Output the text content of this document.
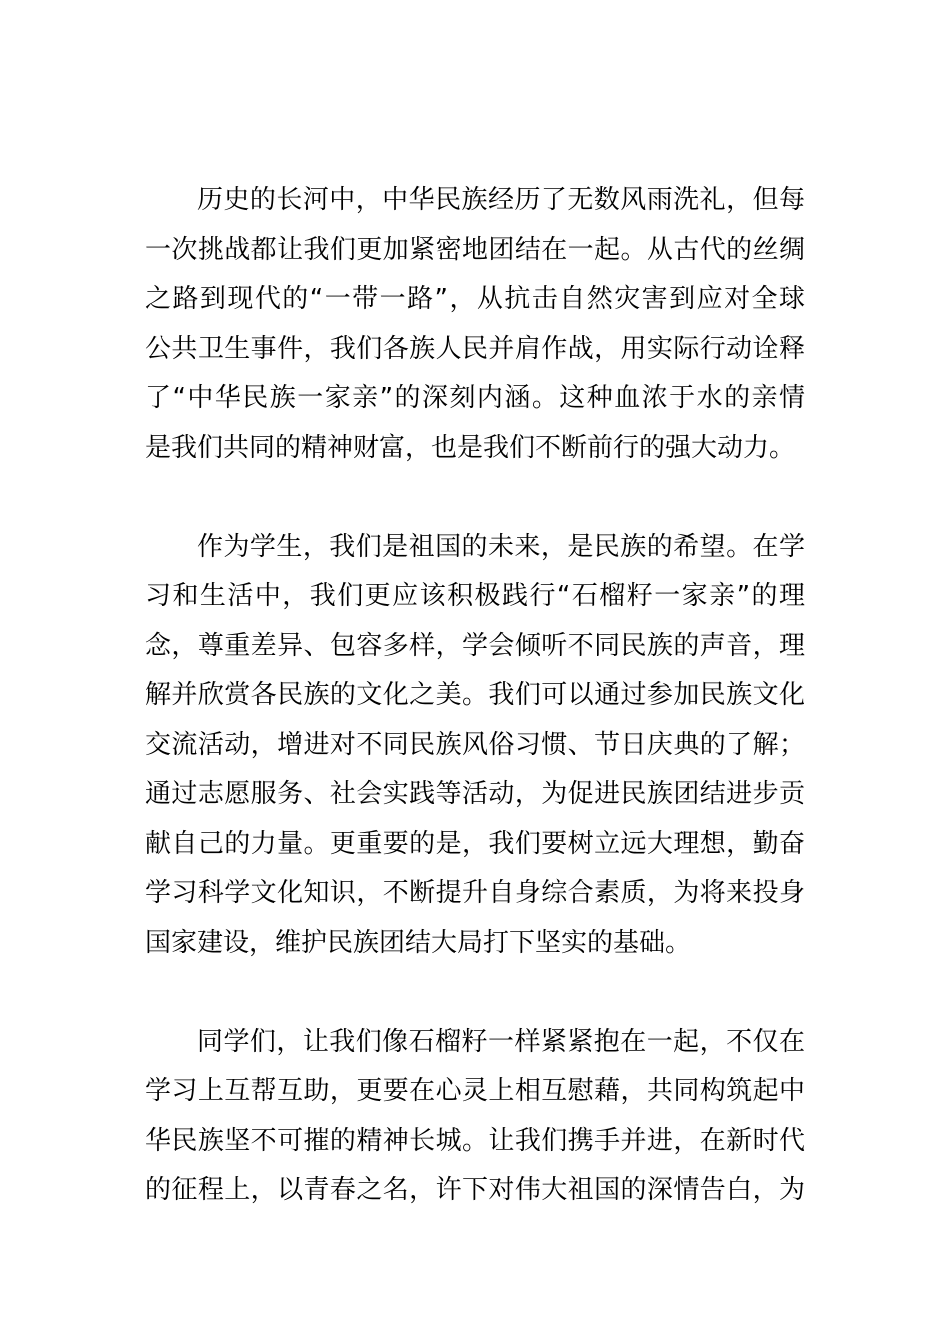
历史的长河中，中华民族经历了无数风雨洗礼，但每
一次挑战都让我们更加紧密地团结在一起。从古代的丝绸
之路到现代的“一带一路”，从抗击自然灾害到应对全球
公共卫生事件，我们各族人民并肩作战，用实际行动诠释
了“中华民族一家亲”的深刻内涵。这种血浓于水的亲情
是我们共同的精神财富，也是我们不断前行的强大动力。
作为学生，我们是祖国的未来，是民族的希望。在学
习和生活中，我们更应该积极践行“石榴籽一家亲”的理
念，尊重差异、包容多样，学会倾听不同民族的声音，理
解并欣赏各民族的文化之美。我们可以通过参加民族文化
交流活动，增进对不同民族风俗习惯、节日庆典的了解；
通过志愿服务、社会实践等活动，为促进民族团结进步贡
献自己的力量。更重要的是，我们要树立远大理想，勤奋
学习科学文化知识，不断提升自身综合素质，为将来投身
国家建设，维护民族团结大局打下坚实的基础。
同学们，让我们像石榴籽一样紧紧抱在一起，不仅在
学习上互帮互助，更要在心灵上相互慰藉，共同构筑起中
华民族坚不可摧的精神长城。让我们携手并进，在新时代
的征程上，以青春之名，许下对伟大祖国的深情告白，为
